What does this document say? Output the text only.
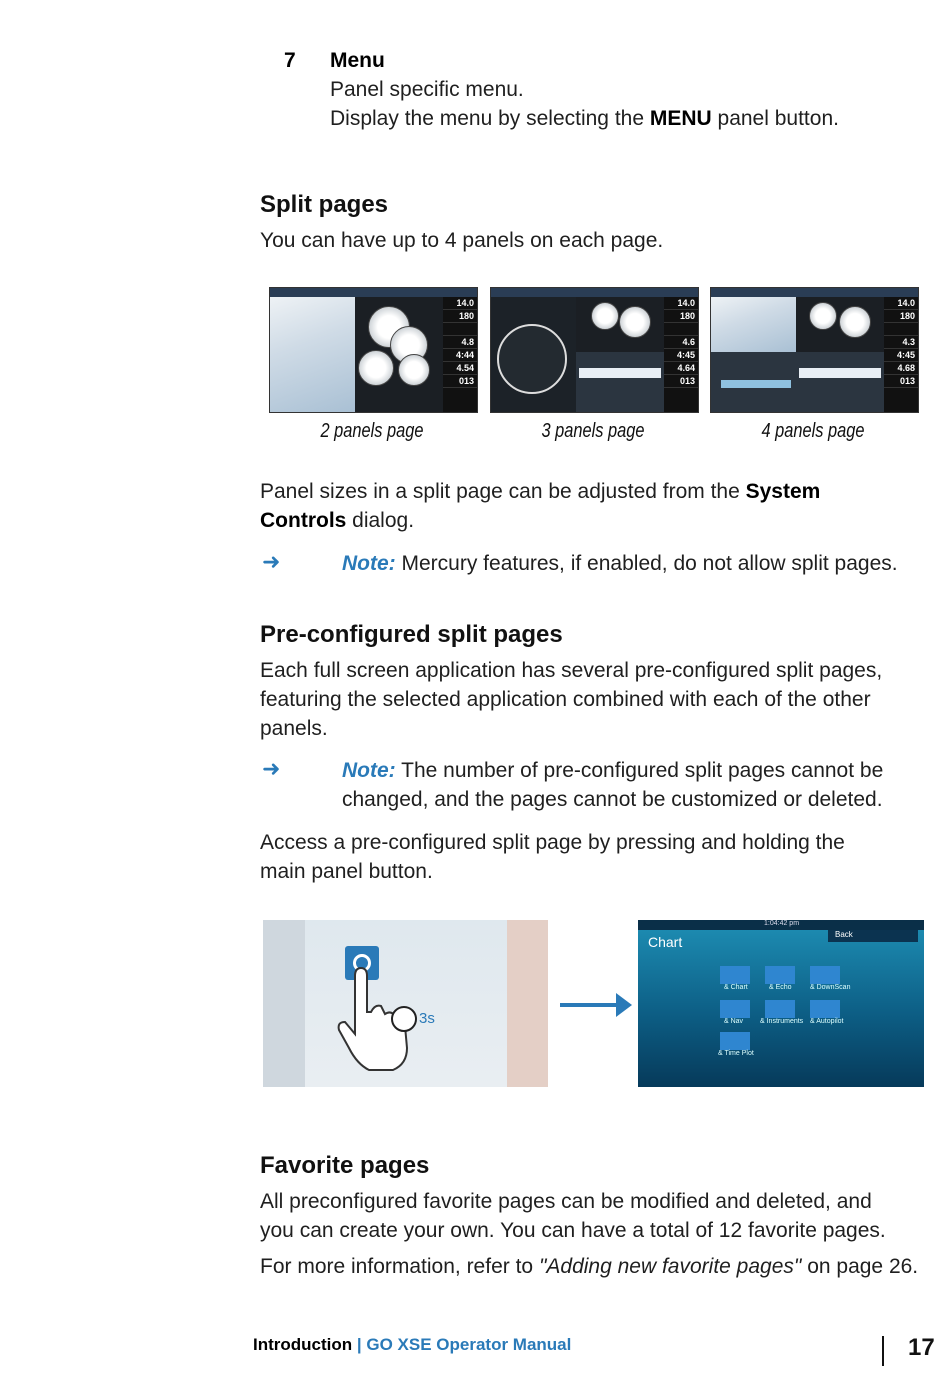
7 Menu
Panel specific menu.
Display the menu by selecting the MENU panel button.
Split pages
You can have up to 4 panels on each page.
14.0
180

4.8
4:44
4.54
013
14.0
180

4.6
4:45
4.64
013
14.0
180

4.3
4:45
4.68
013
2 panels page	3 panels page	4 panels page
Panel sizes in a split page can be adjusted from the System
Controls dialog.
➜	Note: Mercury features, if enabled, do not allow split pages.
Pre-configured split pages
Each full screen application has several pre-configured split pages,
featuring the selected application combined with each of the other
panels.
➜	Note: The number of pre-configured split pages cannot be
changed, and the pages cannot be customized or deleted.
Access a pre-configured split page by pressing and holding the
main panel button.
3s
1:04:42 pm
Back
Chart
& Chart	& Echo	& DownScan
& Nav & Instruments & Autopilot
& Time Plot
Favorite pages
All preconfigured favorite pages can be modified and deleted, and
you can create your own. You can have a total of 12 favorite pages.
For more information, refer to "Adding new favorite pages" on page 26.
Introduction | GO XSE Operator Manual	17
